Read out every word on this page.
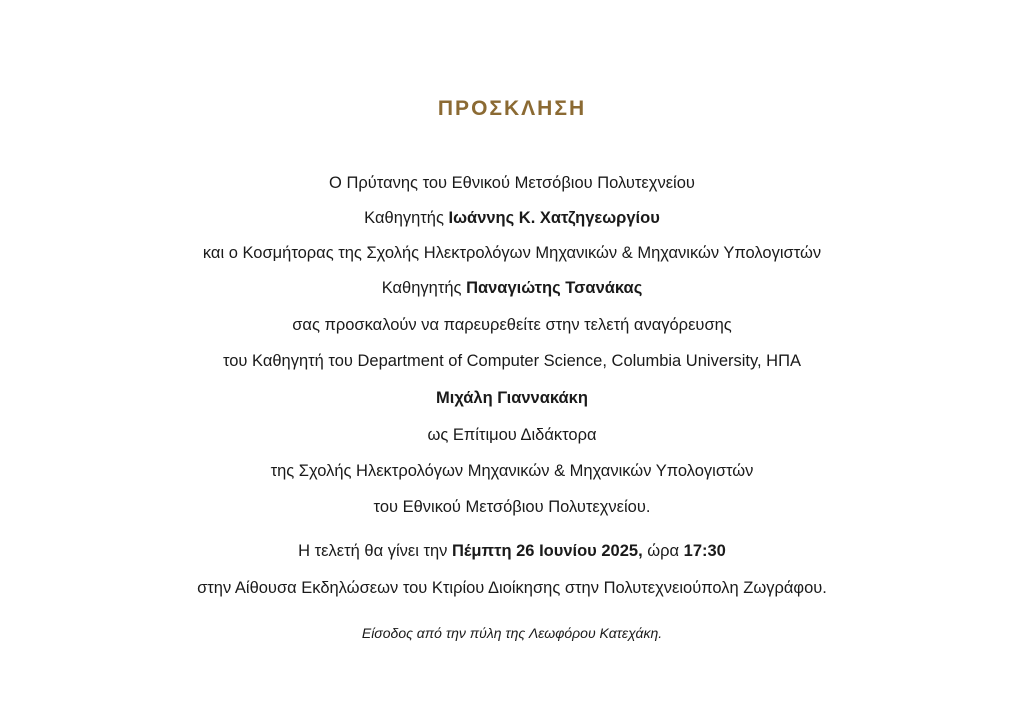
ΠΡΟΣΚΛΗΣΗ
Ο Πρύτανης του Εθνικού Μετσόβιου Πολυτεχνείου
Καθηγητής Ιωάννης Κ. Χατζηγεωργίου
και ο Κοσμήτορας της Σχολής Ηλεκτρολόγων Μηχανικών & Μηχανικών Υπολογιστών
Καθηγητής Παναγιώτης Τσανάκας
σας προσκαλούν να παρευρεθείτε στην τελετή αναγόρευσης
του Καθηγητή του Department of Computer Science, Columbia University, ΗΠΑ
Μιχάλη Γιαννακάκη
ως Επίτιμου Διδάκτορα
της Σχολής Ηλεκτρολόγων Μηχανικών & Μηχανικών Υπολογιστών
του Εθνικού Μετσόβιου Πολυτεχνείου.
Η τελετή θα γίνει την Πέμπτη 26 Ιουνίου 2025, ώρα 17:30
στην Αίθουσα Εκδηλώσεων του Κτιρίου Διοίκησης στην Πολυτεχνειούπολη Ζωγράφου.
Είσοδος από την πύλη της Λεωφόρου Κατεχάκη.
